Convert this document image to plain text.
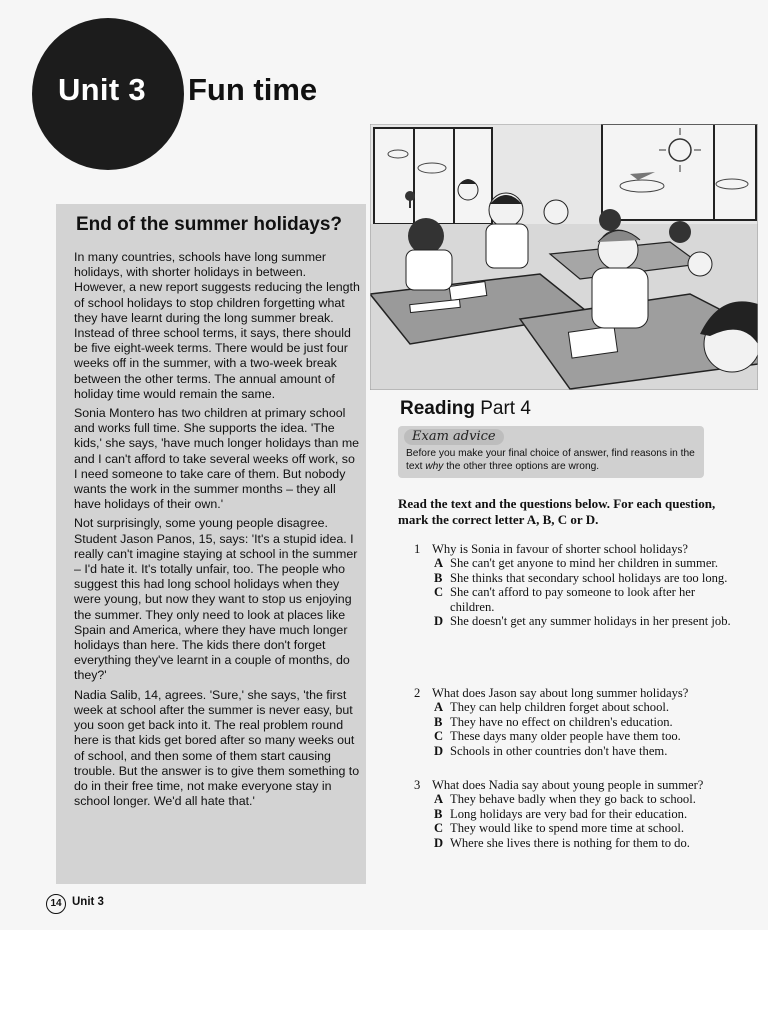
Unit 3 Fun time
End of the summer holidays?

In many countries, schools have long summer holidays, with shorter holidays in between. However, a new report suggests reducing the length of school holidays to stop children forgetting what they have learnt during the long summer break. Instead of three school terms, it says, there should be five eight-week terms. There would be just four weeks off in the summer, with a two-week break between the other terms. The annual amount of holiday time would remain the same.

Sonia Montero has two children at primary school and works full time. She supports the idea. 'The kids,' she says, 'have much longer holidays than me and I can't afford to take several weeks off work, so I need someone to take care of them. But nobody wants the work in the summer months – they all have holidays of their own.'

Not surprisingly, some young people disagree. Student Jason Panos, 15, says: 'It's a stupid idea. I really can't imagine staying at school in the summer – I'd hate it. It's totally unfair, too. The people who suggest this had long school holidays when they were young, but now they want to stop us enjoying the summer. They only need to look at places like Spain and America, where they have much longer holidays than here. The kids there don't forget everything they've learnt in a couple of months, do they?'

Nadia Salib, 14, agrees. 'Sure,' she says, 'the first week at school after the summer is never easy, but you soon get back into it. The real problem round here is that kids get bored after so many weeks out of school, and then some of them start causing trouble. But the answer is to give them something to do in their free time, not make everyone stay in school longer. We'd all hate that.'

Reading Part 4
Exam advice
Before you make your final choice of answer, find reasons in the text why the other three options are wrong.
Read the text and the questions below. For each question, mark the correct letter A, B, C or D.
1 Why is Sonia in favour of shorter school holidays?
A She can't get anyone to mind her children in summer.
B She thinks that secondary school holidays are too long.
C She can't afford to pay someone to look after her children.
D She doesn't get any summer holidays in her present job.
2 What does Jason say about long summer holidays?
A They can help children forget about school.
B They have no effect on children's education.
C These days many older people have them too.
D Schools in other countries don't have them.
3 What does Nadia say about young people in summer?
A They behave badly when they go back to school.
B Long holidays are very bad for their education.
C They would like to spend more time at school.
D Where she lives there is nothing for them to do.
14 Unit 3
